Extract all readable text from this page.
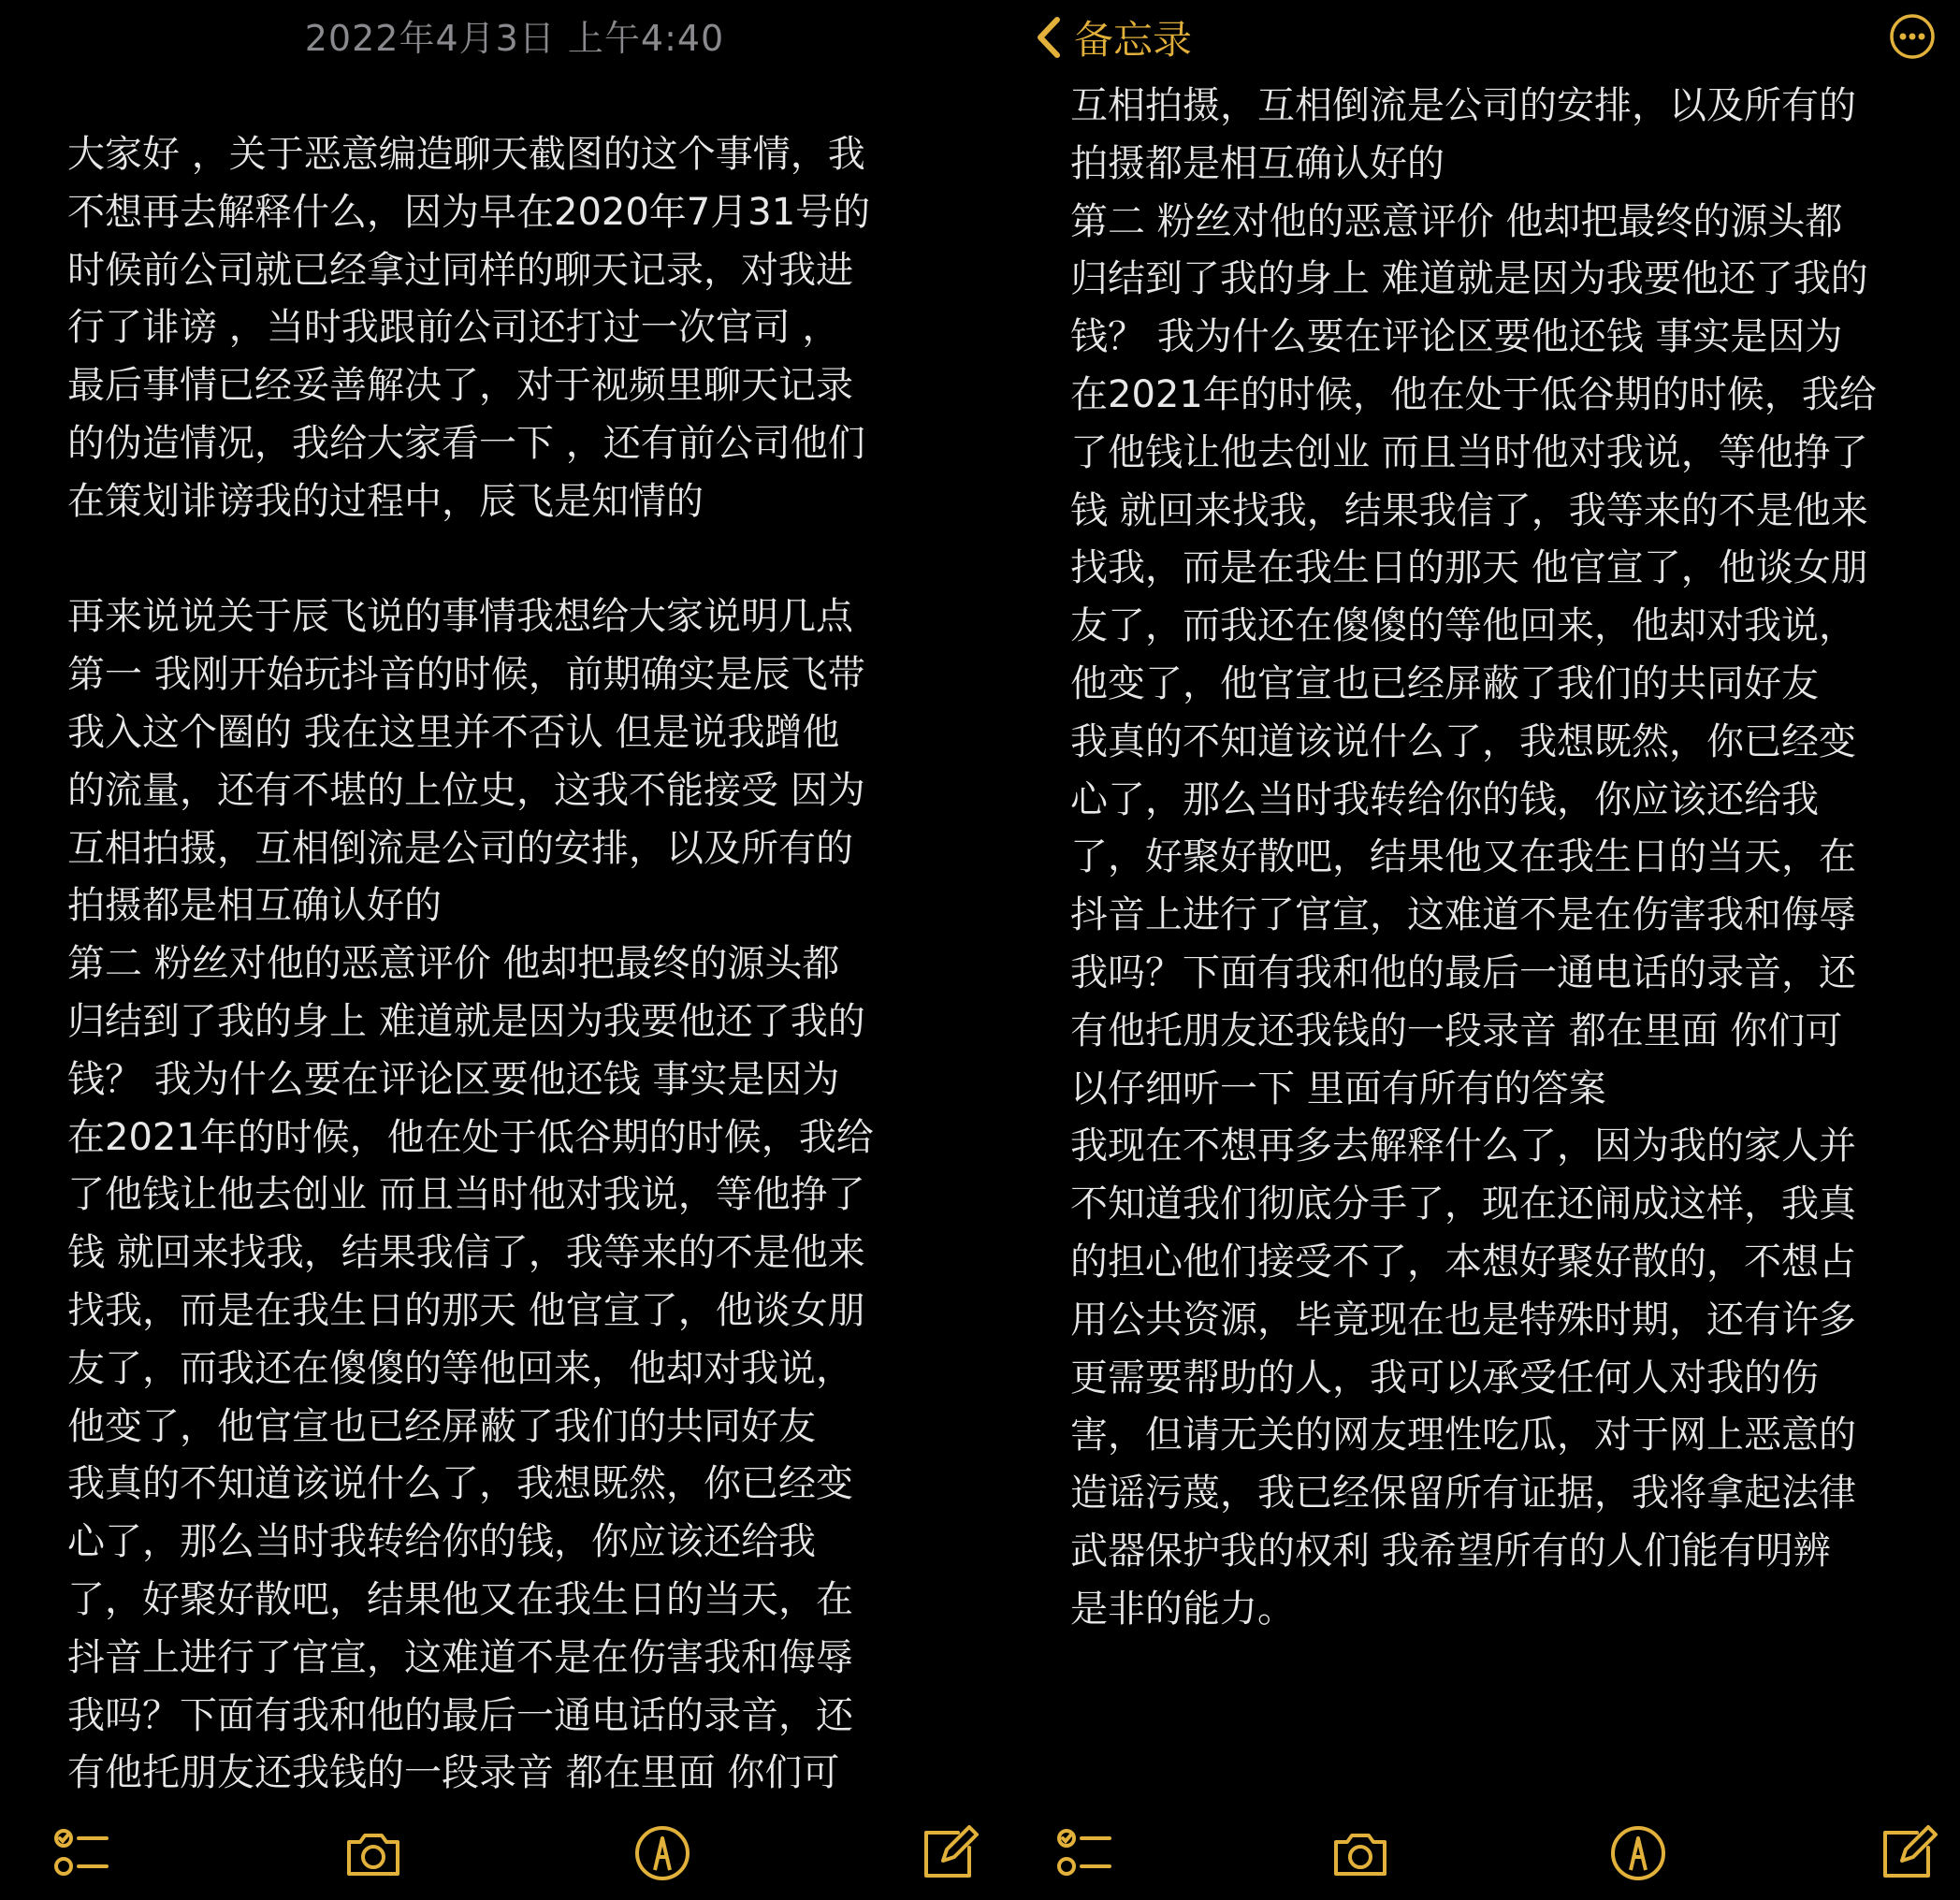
2022年4月3日 上午4:40
大家好 ，关于恶意编造聊天截图的这个事情，我
不想再去解释什么，因为早在2020年7月31号的
时候前公司就已经拿过同样的聊天记录，对我进
行了诽谤 ，当时我跟前公司还打过一次官司 ，
最后事情已经妥善解决了，对于视频里聊天记录
的伪造情况，我给大家看一下 ，还有前公司他们
在策划诽谤我的过程中，辰飞是知情的

再来说说关于辰飞说的事情我想给大家说明几点
第一 我刚开始玩抖音的时候，前期确实是辰飞带
我入这个圈的 我在这里并不否认 但是说我蹭他
的流量，还有不堪的上位史，这我不能接受 因为
互相拍摄，互相倒流是公司的安排，以及所有的
拍摄都是相互确认好的
第二 粉丝对他的恶意评价 他却把最终的源头都
归结到了我的身上 难道就是因为我要他还了我的
钱？ 我为什么要在评论区要他还钱 事实是因为
在2021年的时候，他在处于低谷期的时候，我给
了他钱让他去创业 而且当时他对我说，等他挣了
钱 就回来找我，结果我信了，我等来的不是他来
找我，而是在我生日的那天 他官宣了，他谈女朋
友了，而我还在傻傻的等他回来，他却对我说，
他变了，他官宣也已经屏蔽了我们的共同好友
我真的不知道该说什么了，我想既然，你已经变
心了，那么当时我转给你的钱，你应该还给我
了，好聚好散吧，结果他又在我生日的当天，在
抖音上进行了官宣，这难道不是在伤害我和侮辱
我吗？下面有我和他的最后一通电话的录音，还
有他托朋友还我钱的一段录音 都在里面 你们可
备忘录
互相拍摄，互相倒流是公司的安排，以及所有的
拍摄都是相互确认好的
第二 粉丝对他的恶意评价 他却把最终的源头都
归结到了我的身上 难道就是因为我要他还了我的
钱？ 我为什么要在评论区要他还钱 事实是因为
在2021年的时候，他在处于低谷期的时候，我给
了他钱让他去创业 而且当时他对我说，等他挣了
钱 就回来找我，结果我信了，我等来的不是他来
找我，而是在我生日的那天 他官宣了，他谈女朋
友了，而我还在傻傻的等他回来，他却对我说，
他变了，他官宣也已经屏蔽了我们的共同好友
我真的不知道该说什么了，我想既然，你已经变
心了，那么当时我转给你的钱，你应该还给我
了，好聚好散吧，结果他又在我生日的当天，在
抖音上进行了官宣，这难道不是在伤害我和侮辱
我吗？下面有我和他的最后一通电话的录音，还
有他托朋友还我钱的一段录音 都在里面 你们可
以仔细听一下 里面有所有的答案
我现在不想再多去解释什么了，因为我的家人并
不知道我们彻底分手了，现在还闹成这样，我真
的担心他们接受不了，本想好聚好散的，不想占
用公共资源，毕竟现在也是特殊时期，还有许多
更需要帮助的人，我可以承受任何人对我的伤
害，但请无关的网友理性吃瓜，对于网上恶意的
造谣污蔑，我已经保留所有证据，我将拿起法律
武器保护我的权利 我希望所有的人们能有明辨
是非的能力。
